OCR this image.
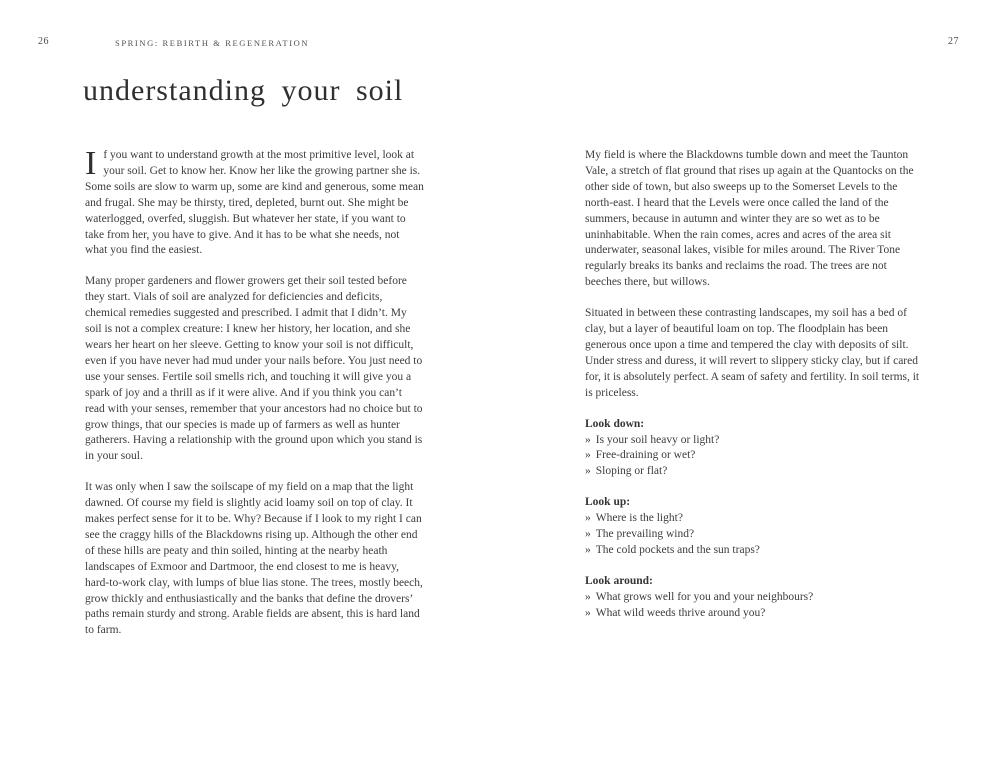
26	SPRING: REBIRTH & REGENERATION	27
understanding your soil

If you want to understand growth at the most primitive level, look at your soil. Get to know her. Know her like the growing partner she is. Some soils are slow to warm up, some are kind and generous, some mean and frugal. She may be thirsty, tired, depleted, burnt out. She might be waterlogged, overfed, sluggish. But whatever her state, if you want to take from her, you have to give. And it has to be what she needs, not what you find the easiest.

Many proper gardeners and flower growers get their soil tested before they start. Vials of soil are analyzed for deficiencies and deficits, chemical remedies suggested and prescribed. I admit that I didn’t. My soil is not a complex creature: I knew her history, her location, and she wears her heart on her sleeve. Getting to know your soil is not difficult, even if you have never had mud under your nails before. You just need to use your senses. Fertile soil smells rich, and touching it will give you a spark of joy and a thrill as if it were alive. And if you think you can’t read with your senses, remember that your ancestors had no choice but to grow things, that our species is made up of farmers as well as hunter gatherers. Having a relationship with the ground upon which you stand is in your soul.

It was only when I saw the soilscape of my field on a map that the light dawned. Of course my field is slightly acid loamy soil on top of clay. It makes perfect sense for it to be. Why? Because if I look to my right I can see the craggy hills of the Blackdowns rising up. Although the other end of these hills are peaty and thin soiled, hinting at the nearby heath landscapes of Exmoor and Dartmoor, the end closest to me is heavy, hard-to-work clay, with lumps of blue lias stone. The trees, mostly beech, grow thickly and enthusiastically and the banks that define the drovers’ paths remain sturdy and strong. Arable fields are absent, this is hard land to farm.

My field is where the Blackdowns tumble down and meet the Taunton Vale, a stretch of flat ground that rises up again at the Quantocks on the other side of town, but also sweeps up to the Somerset Levels to the north-east. I heard that the Levels were once called the land of the summers, because in autumn and winter they are so wet as to be uninhabitable. When the rain comes, acres and acres of the area sit underwater, seasonal lakes, visible for miles around. The River Tone regularly breaks its banks and reclaims the road. The trees are not beeches there, but willows.

Situated in between these contrasting landscapes, my soil has a bed of clay, but a layer of beautiful loam on top. The floodplain has been generous once upon a time and tempered the clay with deposits of silt. Under stress and duress, it will revert to slippery sticky clay, but if cared for, it is absolutely perfect. A seam of safety and fertility. In soil terms, it is priceless.

Look down:
» Is your soil heavy or light?
» Free-draining or wet?
» Sloping or flat?
Look up:
» Where is the light?
» The prevailing wind?
» The cold pockets and the sun traps?
Look around:
» What grows well for you and your neighbours?
» What wild weeds thrive around you?
